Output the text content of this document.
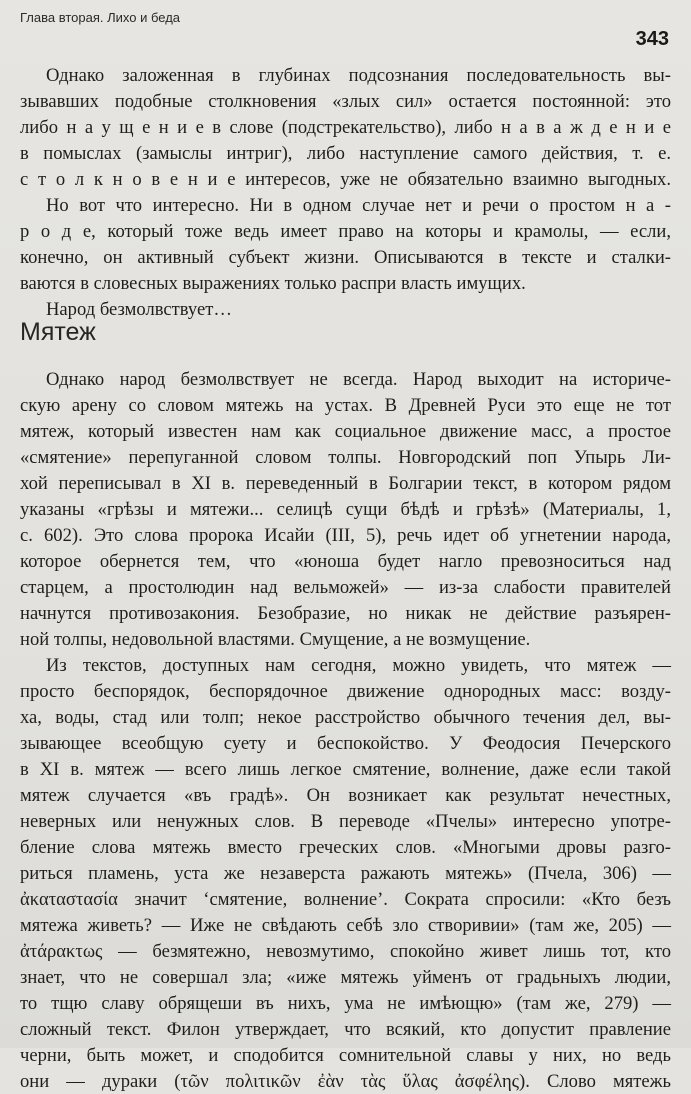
Глава вторая. Лихо и беда
343
Однако заложенная в глубинах подсознания последовательность вы-
зывавших подобные столкновения «злых сил» остается постоянной: это
либо н а у щ е н и е в слове (подстрекательство), либо н а в а ж д е н и е
в помыслах (замыслы интриг), либо наступление самого действия, т. е.
с т о л к н о в е н и е интересов, уже не обязательно взаимно выгодных.
Но вот что интересно. Ни в одном случае нет и речи о простом н а -
р о д е, который тоже ведь имеет право на которы и крамолы, — если,
конечно, он активный субъект жизни. Описываются в тексте и сталки-
ваются в словесных выражениях только распри власть имущих.
Народ безмолвствует…
Мятеж
Однако народ безмолвствует не всегда. Народ выходит на историче-
скую арену со словом мятежь на устах. В Древней Руси это еще не тот
мятеж, который известен нам как социальное движение масс, а простое
«смятение» перепуганной словом толпы. Новгородский поп Упырь Ли-
хой переписывал в XI в. переведенный в Болгарии текст, в котором рядом
указаны «грѣзы и мятежи... селицѣ сущи бѣдѣ и грѣзѣ» (Материалы, 1,
с. 602). Это слова пророка Исайи (III, 5), речь идет об угнетении народа,
которое обернется тем, что «юноша будет нагло превозноситься над
старцем, а простолюдин над вельможей» — из-за слабости правителей
начнутся противозакония. Безобразие, но никак не действие разъярен-
ной толпы, недовольной властями. Смущение, а не возмущение.
Из текстов, доступных нам сегодня, можно увидеть, что мятеж —
просто беспорядок, беспорядочное движение однородных масс: возду-
ха, воды, стад или толп; некое расстройство обычного течения дел, вы-
зывающее всеобщую суету и беспокойство. У Феодосия Печерского
в XI в. мятеж — всего лишь легкое смятение, волнение, даже если такой
мятеж случается «въ градѣ». Он возникает как результат нечестных,
неверных или ненужных слов. В переводе «Пчелы» интересно употре-
бление слова мятежь вместо греческих слов. «Многыми дровы разго-
риться пламень, уста же незаверста ражають мятежь» (Пчела, 306) —
ἀκαταστασία значит ‘смятение, волнение’. Сократа спросили: «Кто безъ
мятежа живеть? — Иже не свѣдають себѣ зло створивии» (там же, 205) —
ἀτάρακτως — безмятежно, невозмутимо, спокойно живет лишь тот, кто
знает, что не совершал зла; «иже мятежь уйменъ от градьныхъ людии,
то тщю славу обрящеши въ нихъ, ума не имѣющю» (там же, 279) —
сложный текст. Филон утверждает, что всякий, кто допустит правление
черни, быть может, и сподобится сомнительной славы у них, но ведь
они — дураки (τῶν πολιτικῶν ἐὰν τὰς ὕλας ἀσφέλης). Слово мятежь
